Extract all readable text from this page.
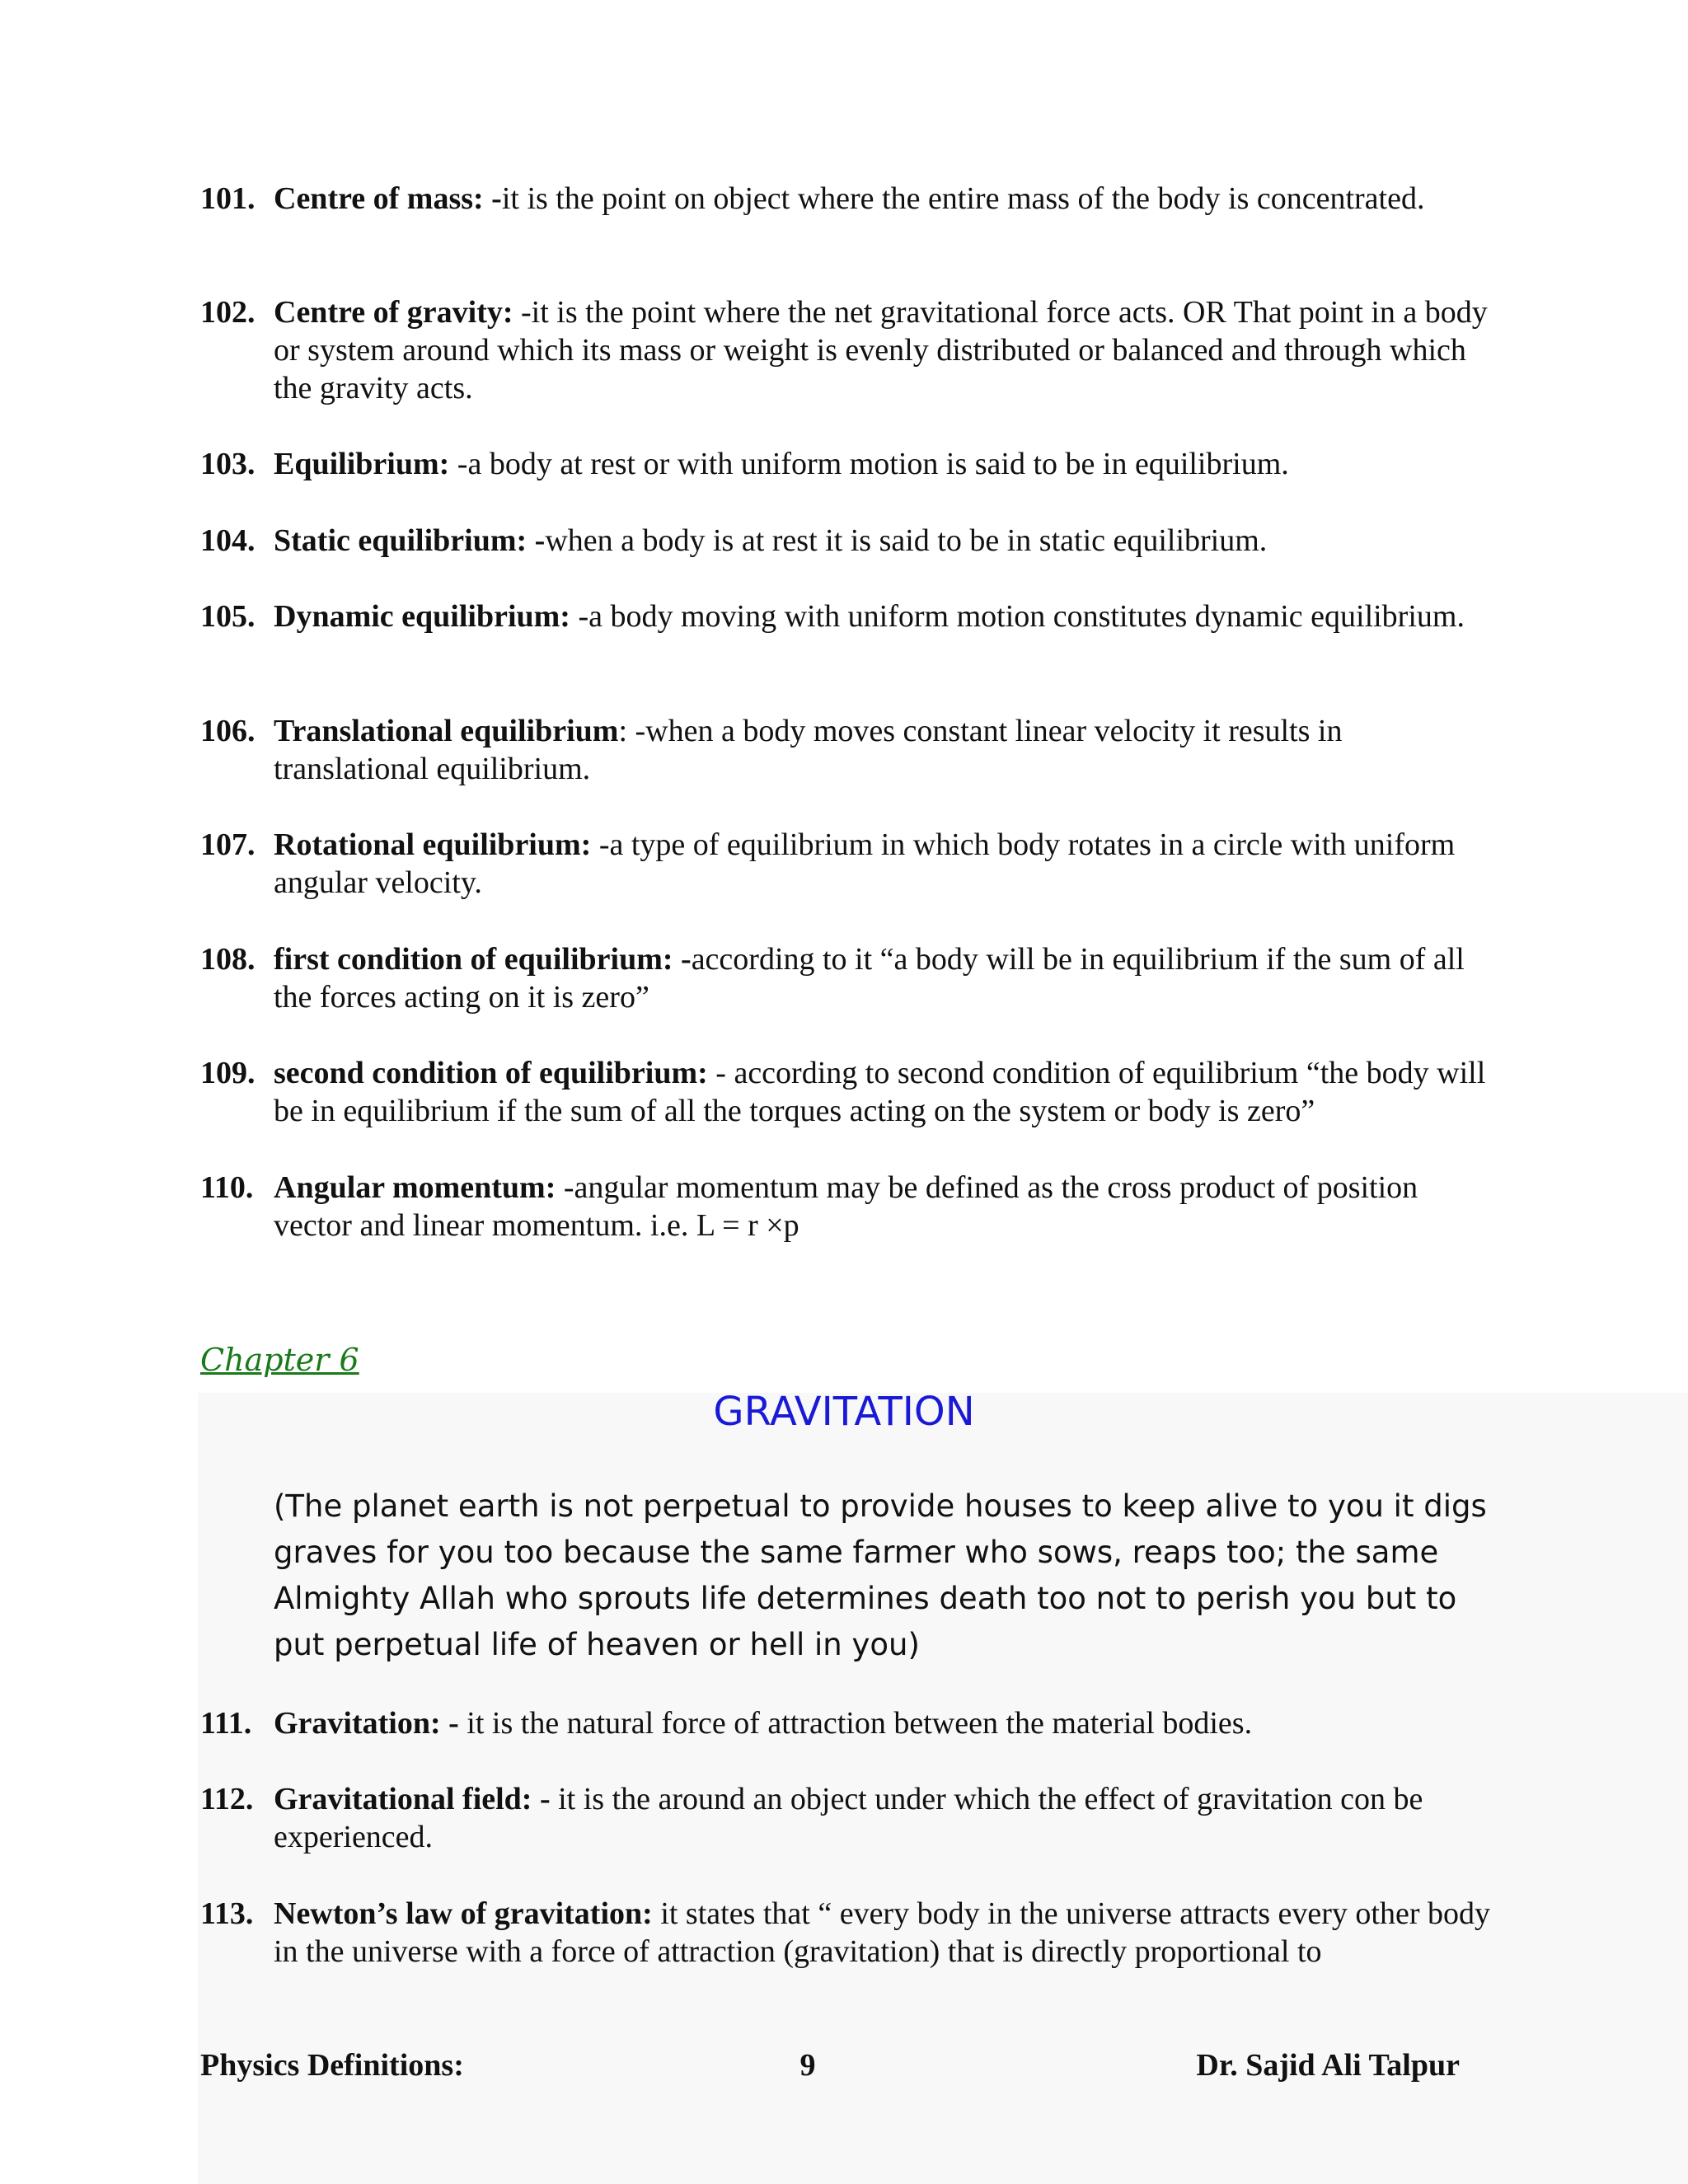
101. Centre of mass: -it is the point on object where the entire mass of the body is concentrated.
102. Centre of gravity: -it is the point where the net gravitational force acts. OR That point in a body or system around which its mass or weight is evenly distributed or balanced and through which the gravity acts.
103. Equilibrium: -a body at rest or with uniform motion is said to be in equilibrium.
104. Static equilibrium: -when a body is at rest it is said to be in static equilibrium.
105. Dynamic equilibrium: -a body moving with uniform motion constitutes dynamic equilibrium.
106. Translational equilibrium: -when a body moves constant linear velocity it results in translational equilibrium.
107. Rotational equilibrium: -a type of equilibrium in which body rotates in a circle with uniform angular velocity.
108. first condition of equilibrium: -according to it “a body will be in equilibrium if the sum of all the forces acting on it is zero”
109. second condition of equilibrium: - according to second condition of equilibrium “the body will be in equilibrium if the sum of all the torques acting on the system or body is zero”
110. Angular momentum: -angular momentum may be defined as the cross product of position vector and linear momentum. i.e. L = r ×p
Chapter 6
GRAVITATION
(The planet earth is not perpetual to provide houses to keep alive to you it digs graves for you too because the same farmer who sows, reaps too; the same Almighty Allah who sprouts life determines death too not to perish you but to put perpetual life of heaven or hell in you)
111. Gravitation: - it is the natural force of attraction between the material bodies.
112. Gravitational field: - it is the around an object under which the effect of gravitation con be experienced.
113. Newton’s law of gravitation: it states that “ every body in the universe attracts every other body in the universe with a force of attraction (gravitation) that is directly proportional to
Physics Definitions:	9	Dr. Sajid Ali Talpur
